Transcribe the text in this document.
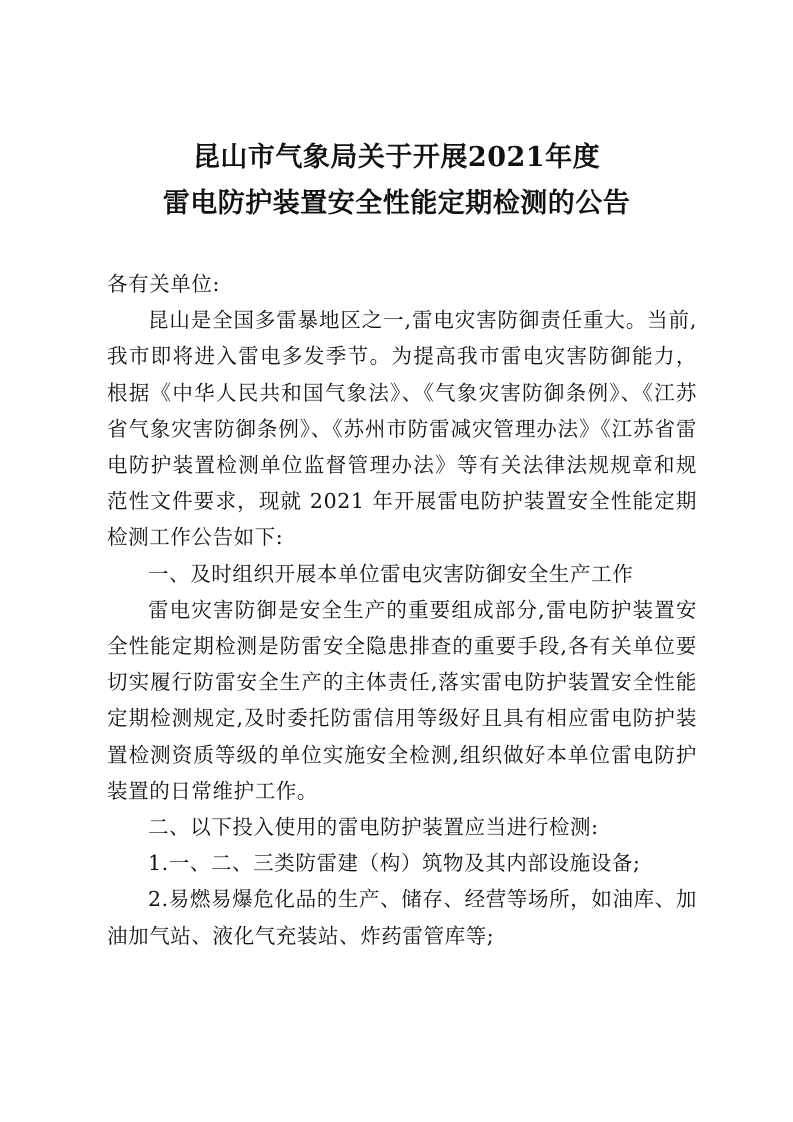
昆山市气象局关于开展2021年度
雷电防护装置安全性能定期检测的公告

各有关单位:

昆山是全国多雷暴地区之一,雷电灾害防御责任重大。当前,我市即将进入雷电多发季节。为提高我市雷电灾害防御能力，根据《中华人民共和国气象法》、《气象灾害防御条例》、《江苏省气象灾害防御条例》、《苏州市防雷减灾管理办法》《江苏省雷电防护装置检测单位监督管理办法》等有关法律法规规章和规范性文件要求，现就 2021 年开展雷电防护装置安全性能定期检测工作公告如下:

一、及时组织开展本单位雷电灾害防御安全生产工作

雷电灾害防御是安全生产的重要组成部分,雷电防护装置安全性能定期检测是防雷安全隐患排查的重要手段,各有关单位要切实履行防雷安全生产的主体责任,落实雷电防护装置安全性能定期检测规定,及时委托防雷信用等级好且具有相应雷电防护装置检测资质等级的单位实施安全检测,组织做好本单位雷电防护装置的日常维护工作。

二、以下投入使用的雷电防护装置应当进行检测:

1.一、二、三类防雷建（构）筑物及其内部设施设备;

2.易燃易爆危化品的生产、储存、经营等场所，如油库、加油加气站、液化气充装站、炸药雷管库等;
